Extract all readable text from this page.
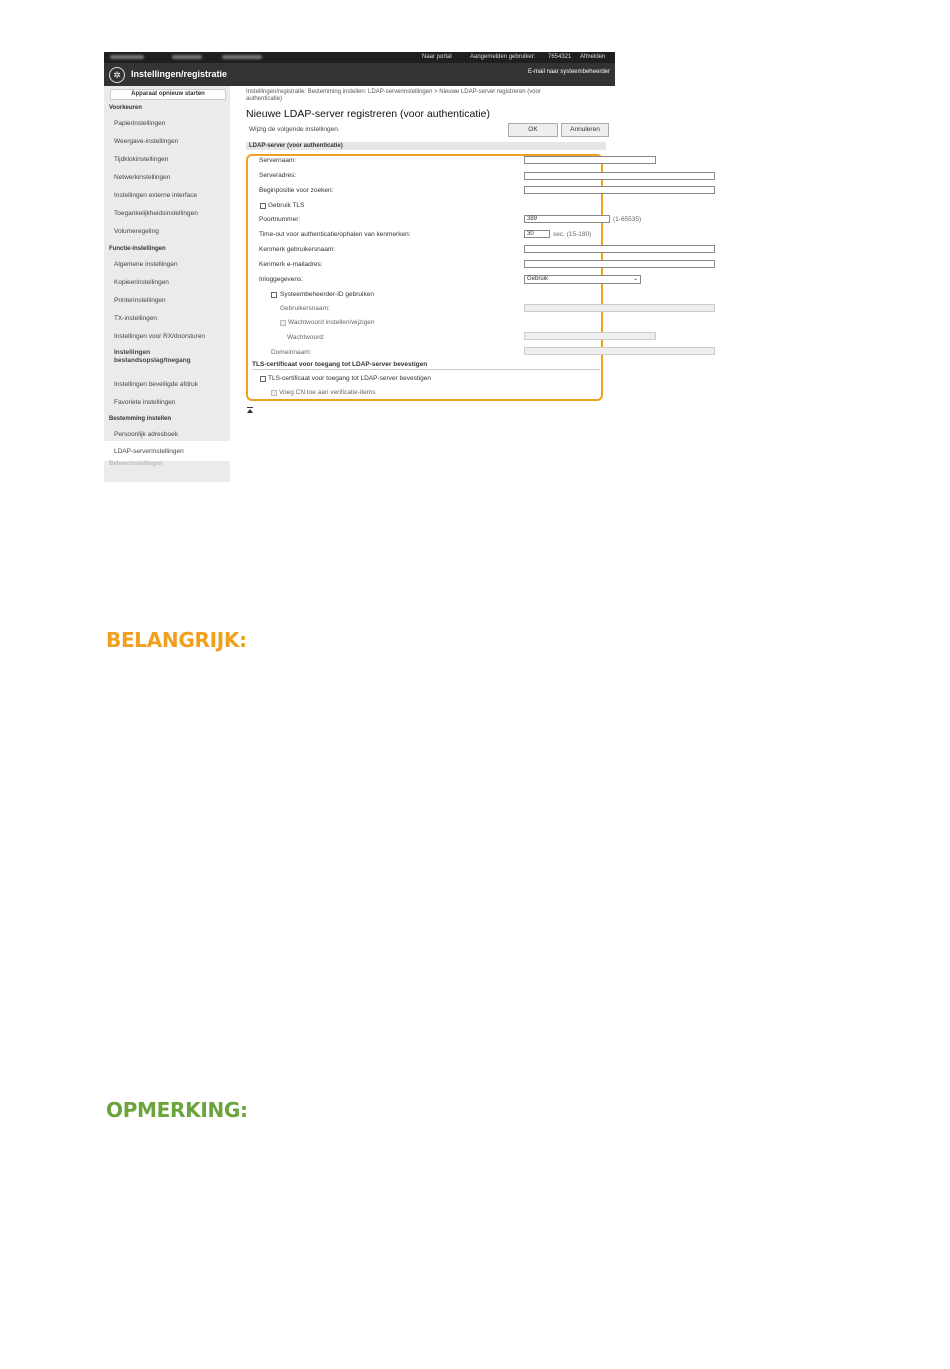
Naar portal	Aangemelden gebruiker: 7654321 Afmelden
✲	Instellingen/registratie	E-mail naar systeembeheerder
Apparaat opnieuw starten
Voorkeuren
Papierinstellingen
Weergave-instellingen
Tijdklokinstellingen
Netwerkinstellingen
Instellingen externe interface
Toegankelijkheidsinstellingen
Volumeregeling
Functie-instellingen
Algemene instellingen
Kopieerinstellingen
Printerinstellingen
TX-instellingen
Instellingen voor RX/doorsturen
Instellingen
bestandsopslag/toegang
Instellingen beveiligde afdruk
Favoriete instellingen
Bestemming instellen
Persoonlijk adresboek
LDAP-serverinstellingen
Beheerinstellingen
Instellingen/registratie: Bestemming instellen: LDAP-serverinstellingen > Nieuwe LDAP-server registreren (voor authenticatie)
Nieuwe LDAP-server registreren (voor authenticatie)
Wijzig de volgende instellingen.	OK	Annuleren
LDAP-server (voor authenticatie)
Servernaam:
Serveradres:
Beginpositie voor zoeken:
Gebruik TLS
Poortnummer:	389	(1-65535)
Time-out voor authenticatie/ophalen van kenmerken:	30	sec. (15-180)
Kenmerk gebruikersnaam:
Kenmerk e-mailadres:
Inloggegevens:	Gebruik	⌄
Systeembeheerder-ID gebruiken
Gebruikersnaam:
Wachtwoord instellen/wijzigen
Wachtwoord:
Domeinnaam:
TLS-certificaat voor toegang tot LDAP-server bevestigen
TLS-certificaat voor toegang tot LDAP-server bevestigen
Voeg CN toe aan verificatie-items
BELANGRIJK:
OPMERKING:
